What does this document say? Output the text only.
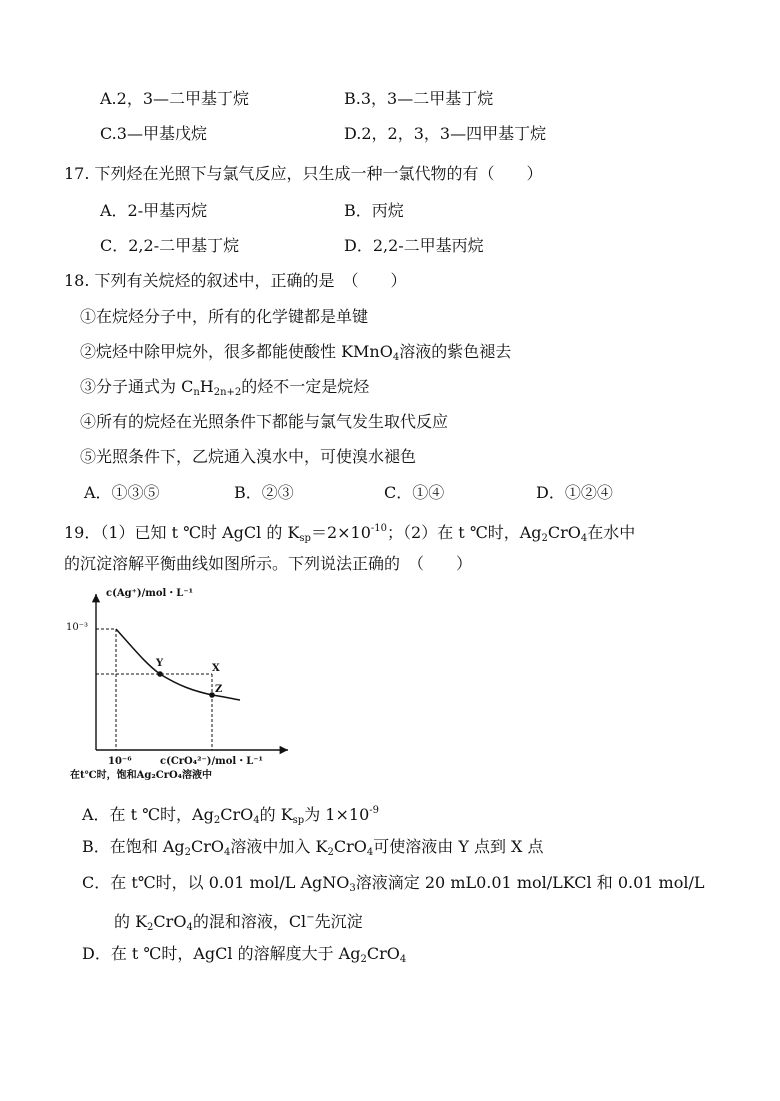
A.2，3—二甲基丁烷	B.3，3—二甲基丁烷
C.3—甲基戊烷	D.2，2，3，3—四甲基丁烷
17. 下列烃在光照下与氯气反应，只生成一种一氯代物的有（　　）
A．2-甲基丙烷	B．丙烷
C．2,2-二甲基丁烷	D．2,2-二甲基丙烷
18. 下列有关烷烃的叙述中，正确的是　（　　）
①在烷烃分子中，所有的化学键都是单键
②烷烃中除甲烷外，很多都能使酸性 KMnO$_4$溶液的紫色褪去
③分子通式为 $C_nH_{2n+2}$的烃不一定是烷烃
④所有的烷烃在光照条件下都能与氯气发生取代反应
⑤光照条件下，乙烷通入溴水中，可使溴水褪色
A．①③⑤	B．②③	C．①④	D．①②④
19．（1）已知 t ℃时 AgCl 的 $K_{sp}=2\times 10^{-10}$；（2）在 t ℃时，$Ag_2CrO_4$在水中
的沉淀溶解平衡曲线如图所示。下列说法正确的　（　　）
c(Ag⁺)/mol・L⁻¹
10⁻³
10⁻⁶	c(CrO₄²⁻)/mol・L⁻¹
在t℃时，饱和Ag₂CrO₄溶液中
Y	X
Z
A．在 t ℃时，$Ag_2CrO_4$的 $K_{sp}$为 $1\times 10^{-9}$
B．在饱和 $Ag_2CrO_4$溶液中加入 $K_2CrO_4$可使溶液由 Y 点到 X 点
C．在 t℃时，以 0.01 mol/L AgNO$_3$溶液滴定 20 mL0.01 mol/LKCl 和 0.01 mol/L
的 $K_2CrO_4$的混和溶液，Cl−先沉淀
D．在 t ℃时，AgCl 的溶解度大于 $Ag_2CrO_4$
